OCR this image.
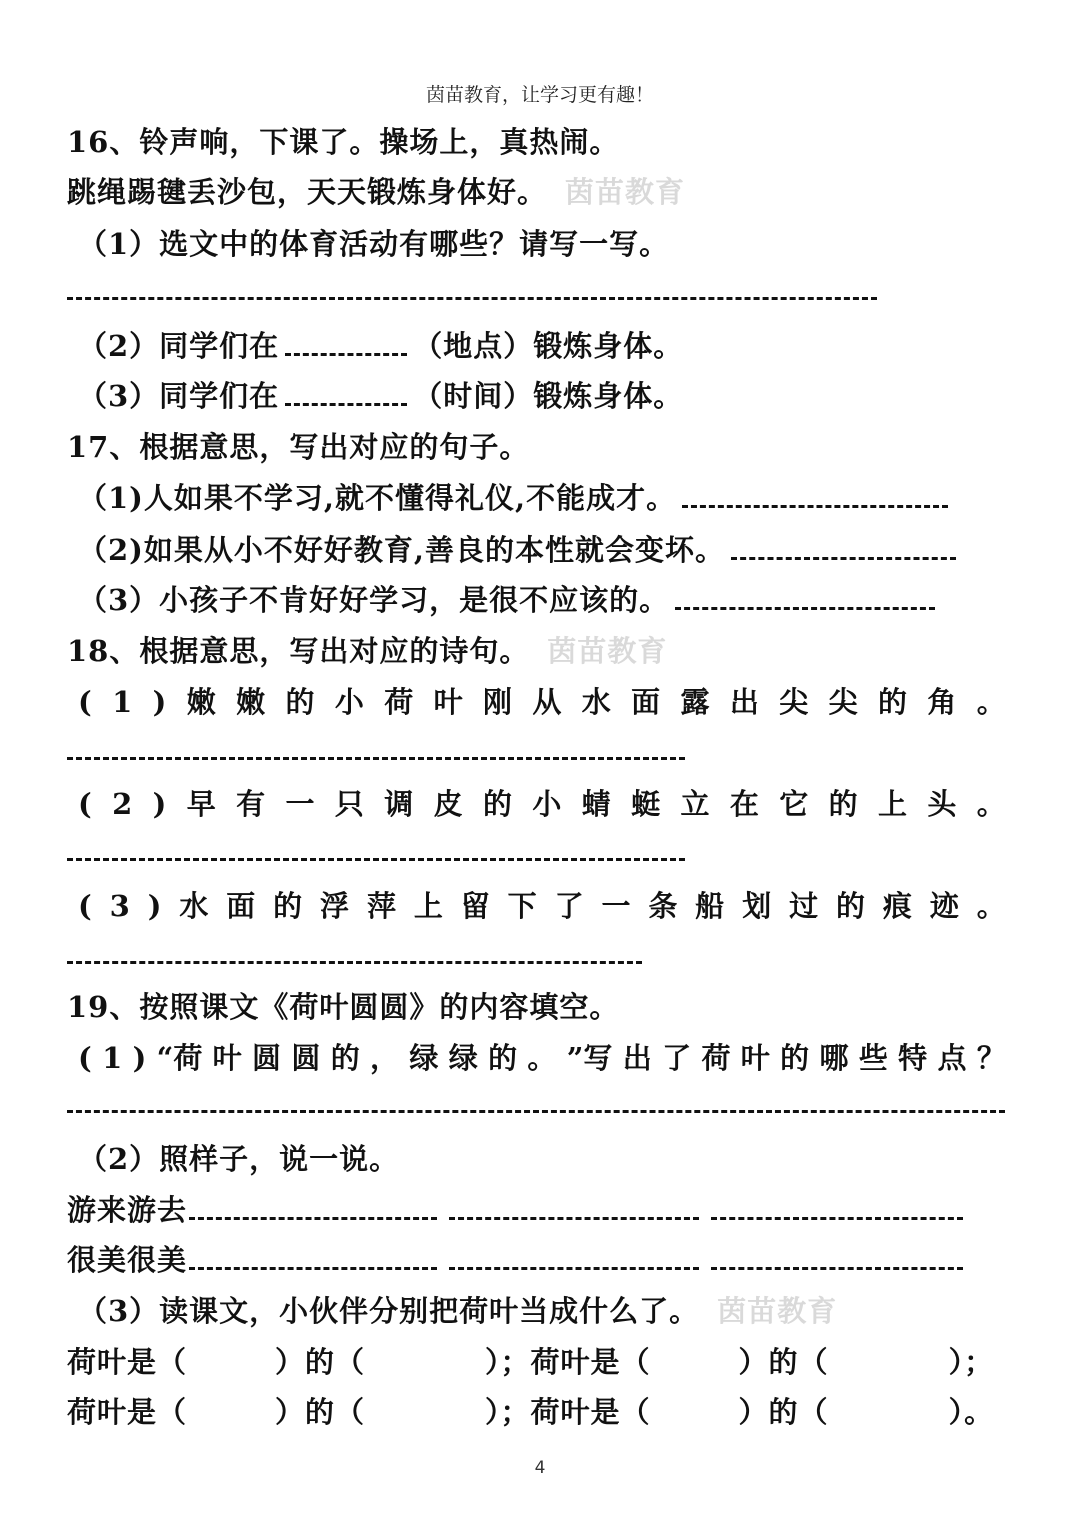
茵苗教育，让学习更有趣！
16、铃声响，下课了。操场上，真热闹。
跳绳踢毽丢沙包，天天锻炼身体好。 茵苗教育
（1）选文中的体育活动有哪些？请写一写。
（2）同学们在	（地点）锻炼身体。
（3）同学们在	（时间）锻炼身体。
17、根据意思，写出对应的句子。
（1)人如果不学习,就不懂得礼仪,不能成才。
（2)如果从小不好好教育,善良的本性就会变坏。
（3）小孩子不肯好好学习，是很不应该的。
18、根据意思，写出对应的诗句。 茵苗教育
( 1 ) 嫩 嫩 的 小 荷 叶 刚 从 水 面 露 出 尖 尖 的 角 。
( 2 ) 早 有 一 只 调 皮 的 小 蜻 蜓 立 在 它 的 上 头 。
( 3 ) 水 面 的 浮 萍 上 留 下 了 一 条 船 划 过 的 痕 迹 。
19、按照课文《荷叶圆圆》的内容填空。
( 1 ) “荷 叶 圆 圆 的 ， 绿 绿 的 。 ”写 出 了 荷 叶 的 哪 些 特 点 ？
（2）照样子，说一说。
游来游去
很美很美
（3）读课文，小伙伴分别把荷叶当成什么了。 茵苗教育
荷叶是（	）的（	）；荷叶是（	）的（	）；
荷叶是（	）的（	）；荷叶是（	）的（	）。
4
